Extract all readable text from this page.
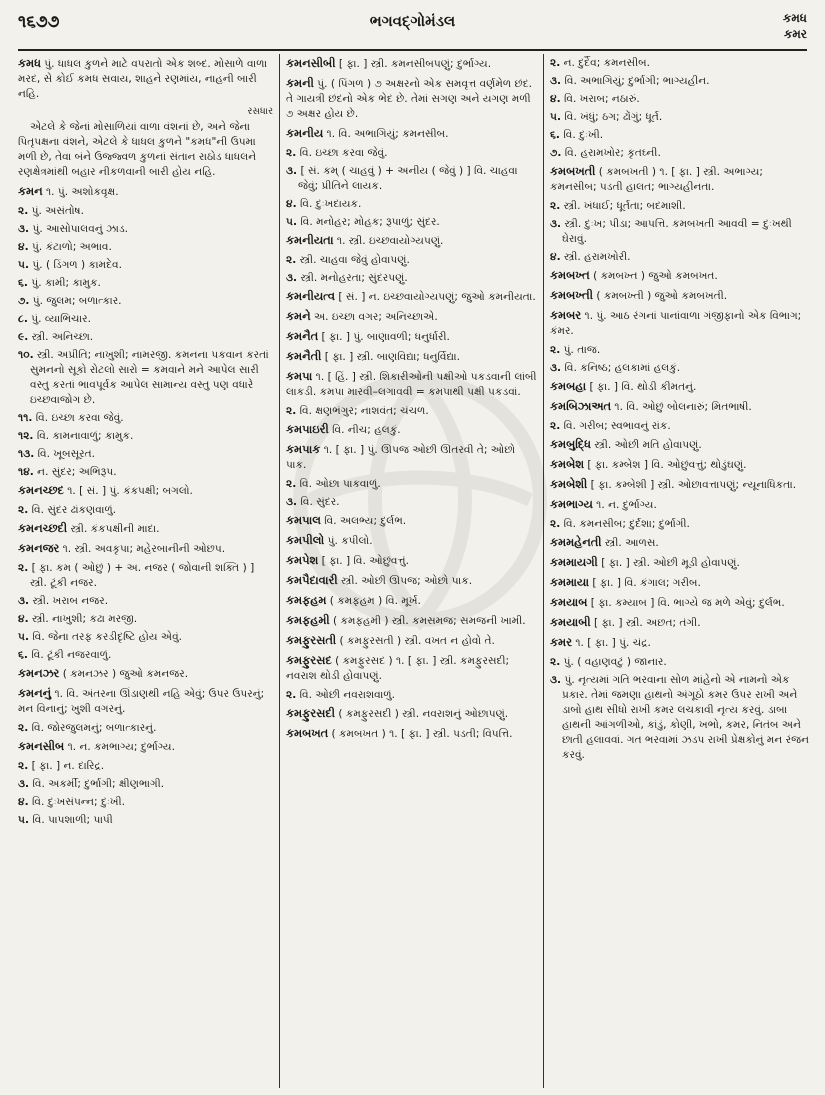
૧૬૭૭	ભગવદ્ગોમંડલ	કમધ
કમર

કમધ પું. ધાધલ કુળને માટે વપરાતો એક શબ્દ. મોસાળે વાળા મરદ, સે કોઈ કમધ સવાય, શાહને રણમાંય, નાહની બારી નહિ.

રસધાર

એટલે કે જેનાં મોસાળિયાં વાળા વંશનાં છે, અને જેના પિતૃપક્ષના વંશને, એટલે કે ધાધલ કુળને "કમધ"ની ઉપમા મળી છે, તેવા બંને ઉજ્જ્વળ કુળનાં સંતાન રાઠોડ ધાધલને રણક્ષેત્રમાંથી બહાર નીકળવાની બારી હોય નહિ.

કમન ૧. પું. અશોકવૃક્ષ.

૨. પું. અસંતોષ.

૩. પું. આસોપાલવનું ઝાડ.

૪. પું. કંટાળો; અભાવ.

૫. પું. ( ડિંગળ ) કામદેવ.

૬. પું. કામી; કામુક.

૭. પું. જુલમ; બળાત્કાર.

૮. પું. વ્યાભિચાર.

૯. સ્ત્રી. અનિચ્છા.

૧૦. સ્ત્રી. અપ્રીતિ; નાખુશી; નામરજી. કમનના પકવાન કરતાં સુમનનો સૂકો રોટલો સારો = કમવાને મને આપેલ સારી વસ્તુ કરતાં ભાવપૂર્વક આપેલ સામાન્ય વસ્તુ પણ વધારે ઇચ્છવાજોગ છે.

૧૧. વિ. ઇચ્છા કરવા જેવું.

૧૨. વિ. કામનાવાળું; કામુક.

૧૩. વિ. ખૂબસૂરત.

૧૪. ન. સુંદર; અભિરૂપ.

કમનચ્છદ ૧. [ સં. ] પું. કંકપક્ષી; બગલો.

૨. વિ. સુંદર ઢાંકણવાળું.

કમનચ્છદી સ્ત્રી. કંકપક્ષીની માદા.

કમનજર ૧. સ્ત્રી. અવકૃપા; મહેરબાનીની ઓછપ.

૨. [ ફા. કમ ( ઓછું ) + અ. નજર ( જોવાની શક્તિ ) ] સ્ત્રી. ટૂંકી નજર.

૩. સ્ત્રી. ખરાબ નજર.

૪. સ્ત્રી. નાખુશી; કઢા મરજી.

૫. વિ. જેના તરફ કરડીદૃષ્ટિ હોય એવું.

૬. વિ. ટૂંકી નજરવાળું.

કમનઝર ( કમનઝર ) જુઓ કમનજર.

કમનનું ૧. વિ. અંતરના ઊંડાણથી નહિ એવું; ઉપર ઉપરનું; મન વિનાનું; ખુશી વગરનું.

૨. વિ. જોરજુલમનું; બળાત્કારનું.

કમનસીબ ૧. ન. કમભાગ્ય; દુર્ભાગ્ય.

૨. [ ફા. ] ન. દારિદ્ર.

૩. વિ. અકર્મી; દુર્ભાગી; ક્ષીણભાગી.

૪. વિ. દુઃખસંપન્ન; દુઃખી.

૫. વિ. પાપશાળી; પાપી

કમનસીબી [ ફા. ] સ્ત્રી. કમનસીબપણું; દુર્ભાગ્ય.

કમની પું. ( પિંગળ ) ૭ અક્ષરનો એક સમવૃત્ત વર્ણમેળ છંદ. તે ગાયત્રી છંદનો એક ભેદ છે. તેમાં સગણ અને યગણ મળી ૭ અક્ષર હોય છે.

કમનીય ૧. વિ. અભાગિયું; કમનસીબ.

૨. વિ. ઇચ્છા કરવા જેવું.

૩. [ સં. કમ્ ( ચાહવું ) + અનીય ( જેવું ) ] વિ. ચાહવા જેવું; પ્રીતિને લાયક.

૪. વિ. દુઃખદાયક.

૫. વિ. મનોહર; મોહક; રૂપાળું; સુંદર.

કમનીયતા ૧. સ્ત્રી. ઇચ્છવાયોગ્યપણું.

૨. સ્ત્રી. ચાહવા જેવું હોવાપણું.

૩. સ્ત્રી. મનોહરતા; સુંદરપણું.

કમનીયત્વ [ સં. ] ન. ઇચ્છવાયોગ્યપણું; જુઓ કમનીયતા.

કમને અ. ઇચ્છા વગર; અનિચ્છાએ.

કમનૈત [ ફા. ] પું. બાણાવળી; ધનુર્ધારી.

કમનૈતી [ ફા. ] સ્ત્રી. બાણવિદ્યા; ધનુર્વિદ્યા.

કમપા ૧. [ હિં. ] સ્ત્રી. શિકારીઓની પક્ષીઓ પકડવાની લાંબી લાકડી. કમપા મારવી–લગાવવી = કમપાથી પક્ષી પકડવાં.

૨. વિ. ક્ષણભંગુર; નાશવંત; ચંચળ.

કમપાઇરી વિ. નીચ; હલકું.

કમપાક ૧. [ ફા. ] પું. ઊપજ ઓછી ઊતરવી તે; ઓછો પાક.

૨. વિ. ઓછા પાકવાળું.

૩. વિ. સુંદર.

કમપાલ વિ. અલભ્ય; દુર્લભ.

કમપીલો પું. કપીલો.

કમપેશ [ ફા. ] વિ. ઓછુંવત્તું.

કમપૈદાવારી સ્ત્રી. ઓછી ઊપજ; ઓછો પાક.

કમફહમ ( કમફહમ ) વિ. મૂર્ખ.

કમફહમી ( કમફહમી ) સ્ત્રી. કમસમજ; સમજની ખામી.

કમફુરસતી ( કમફુરસતી ) સ્ત્રી. વખત ન હોવો તે.

કમફુરસદ ( કમફુરસદ ) ૧. [ ફા. ] સ્ત્રી. કમફુરસદી; નવરાશ થોડી હોવાપણું.

૨. વિ. ઓછી નવરાશવાળું.

કમફુરસદી ( કમફુરસદી ) સ્ત્રી. નવરાશનું ઓછાપણું.

કમબખત ( કમબખત ) ૧. [ ફા. ] સ્ત્રી. પડતી; વિપત્તિ.

૨. ન. દુર્દૈવ; કમનસીબ.

૩. વિ. અભાગિયું; દુર્ભાગી; ભાગ્યહીન.

૪. વિ. ખરાબ; નઠારું.

૫. વિ. ખંધું; ઠગ; ઢોંગું; ધૂર્ત.

૬. વિ. દુઃખી.

૭. વિ. હરામખોર; કૃતઘ્ની.

કમબખતી ( કમબખતી ) ૧. [ ફા. ] સ્ત્રી. અભાગ્ય; કમનસીબ; પડતી હાલત; ભાગ્યહીનતા.

૨. સ્ત્રી. ખંધાઈ; ધૂર્તતા; બદમાશી.

૩. સ્ત્રી. દુઃખ; પીડા; આપત્તિ. કમબખતી આવવી = દુઃખથી ઘેરાવું.

૪. સ્ત્રી. હરામખોરી.

કમબખ્ત ( કમબખ્ત ) જુઓ કમબખત.

કમબખ્તી ( કમબખ્તી ) જુઓ કમબખતી.

કમબર ૧. પું. આઠ રંગનાં પાનાંવાળા ગંજીફાનો એક વિભાગ; કંમર.

૨. પું. તાજ.

૩. વિ. કનિષ્ઠ; હલકામાં હલકું.

કમબહા [ ફા. ] વિ. થોડી કીમતનું.

કમબિઝાઅત ૧. વિ. ઓછું બોલનારું; મિતભાષી.

૨. વિ. ગરીબ; સ્વભાવનું રાંક.

કમબુદ્ધિ સ્ત્રી. ઓછી મતિ હોવાપણું.

કમબેશ [ ફા. કમ્બેશ ] વિ. ઓછુંવત્તું; થોડુંઘણું.

કમબેશી [ ફા. કમ્બેશી ] સ્ત્રી. ઓછાવત્તાપણું; ન્યૂનાધિકતા.

કમભાગ્ય ૧. ન. દુર્ભાગ્ય.

૨. વિ. કમનસીબ; દુર્દશા; દુર્ભાગી.

કમમહેનતી સ્ત્રી. આળસ.

કમમાયગી [ ફા. ] સ્ત્રી. ઓછી મૂડી હોવાપણું.

કમમાયા [ ફા. ] વિ. કંગાલ; ગરીબ.

કમયાબ [ ફા. કમ્યાબ ] વિ. ભાગ્યે જ મળે એવું; દુર્લભ.

કમયાબી [ ફા. ] સ્ત્રી. અછત; તંગી.

કમર ૧. [ ફા. ] પું. ચંદ્ર.

૨. પું. ( વહાણવટું ) જાનાર.

૩. પું. નૃત્યમાં ગતિ ભરવાના સોળ માંહેનો એ નામનો એક પ્રકાર. તેમાં જમણા હાથનો અંગૂઠો કમર ઉપર રાખી અને ડાબો હાથ સીધો રાખી કમર લચકાવી નૃત્ય કરવું. ડાબા હાથની આંગળીઓ, કાંડું, કોણી, ખભો, કમર, નિતંબ અને છાતી હલાવવાં. ગત ભરવામાં ઝડપ રાખી પ્રેક્ષકોનું મન રંજન કરવું.
